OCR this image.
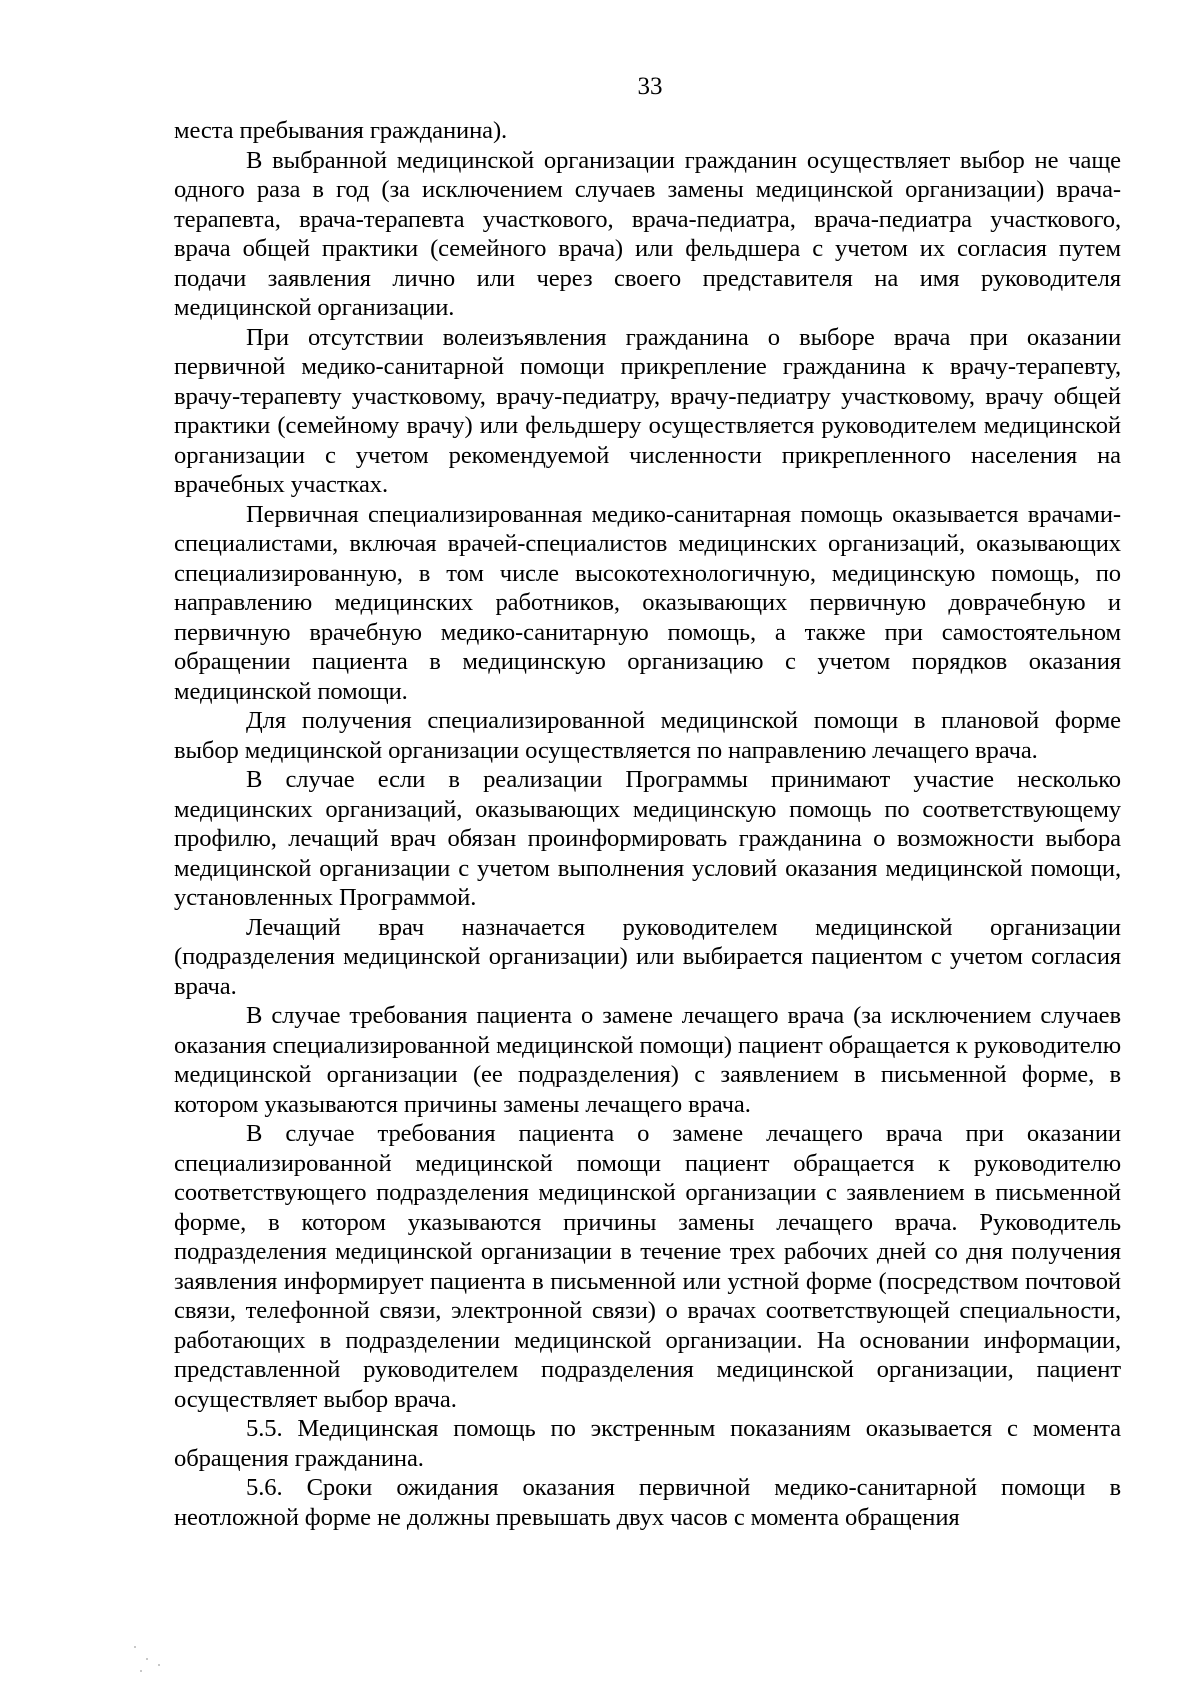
33

места пребывания гражданина).

В выбранной медицинской организации гражданин осуществляет выбор не чаще одного раза в год (за исключением случаев замены медицинской организации) врача-терапевта, врача-терапевта участкового, врача-педиатра, врача-педиатра участкового, врача общей практики (семейного врача) или фельдшера с учетом их согласия путем подачи заявления лично или через своего представителя на имя руководителя медицинской организации.

При отсутствии волеизъявления гражданина о выборе врача при оказании первичной медико-санитарной помощи прикрепление гражданина к врачу-терапевту, врачу-терапевту участковому, врачу-педиатру, врачу-педиатру участковому, врачу общей практики (семейному врачу) или фельдшеру осуществляется руководителем медицинской организации с учетом рекомендуемой численности прикрепленного населения на врачебных участках.

Первичная специализированная медико-санитарная помощь оказывается врачами-специалистами, включая врачей-специалистов медицинских организаций, оказывающих специализированную, в том числе высокотехнологичную, медицинскую помощь, по направлению медицинских работников, оказывающих первичную доврачебную и первичную врачебную медико-санитарную помощь, а также при самостоятельном обращении пациента в медицинскую организацию с учетом порядков оказания медицинской помощи.

Для получения специализированной медицинской помощи в плановой форме выбор медицинской организации осуществляется по направлению лечащего врача.

В случае если в реализации Программы принимают участие несколько медицинских организаций, оказывающих медицинскую помощь по соответствующему профилю, лечащий врач обязан проинформировать гражданина о возможности выбора медицинской организации с учетом выполнения условий оказания медицинской помощи, установленных Программой.

Лечащий врач назначается руководителем медицинской организации (подразделения медицинской организации) или выбирается пациентом с учетом согласия врача.

В случае требования пациента о замене лечащего врача (за исключением случаев оказания специализированной медицинской помощи) пациент обращается к руководителю медицинской организации (ее подразделения) с заявлением в письменной форме, в котором указываются причины замены лечащего врача.

В случае требования пациента о замене лечащего врача при оказании специализированной медицинской помощи пациент обращается к руководителю соответствующего подразделения медицинской организации с заявлением в письменной форме, в котором указываются причины замены лечащего врача. Руководитель подразделения медицинской организации в течение трех рабочих дней со дня получения заявления информирует пациента в письменной или устной форме (посредством почтовой связи, телефонной связи, электронной связи) о врачах соответствующей специальности, работающих в подразделении медицинской организации. На основании информации, представленной руководителем подразделения медицинской организации, пациент осуществляет выбор врача.

5.5. Медицинская помощь по экстренным показаниям оказывается с момента обращения гражданина.

5.6. Сроки ожидания оказания первичной медико-санитарной помощи в неотложной форме не должны превышать двух часов с момента обращения
